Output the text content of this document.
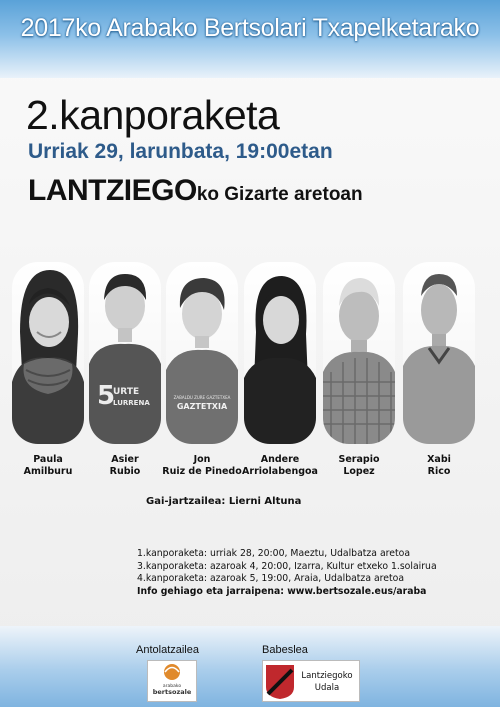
2017ko Arabako Bertsolari Txapelketarako
2.kanporaketa
Urriak 29, larunbata, 19:00etan
LANTZIEGOko Gizarte aretoan
5
URTE
LURRENA
ZABALDU ZURE GAZTETXEA
GAZTETXIA
Paula
Amilburu
Asier
Rubio
Jon
Ruiz de Pinedo
Andere
Arriolabengoa
Serapio
Lopez
Xabi
Rico
Gai-jartzailea: Lierni Altuna
1.kanporaketa: urriak 28, 20:00, Maeztu, Udalbatza aretoa
3.kanporaketa: azaroak 4, 20:00, Izarra, Kultur etxeko 1.solairua
4.kanporaketa: azaroak 5, 19:00, Araia, Udalbatza aretoa
Info gehiago eta jarraipena: www.bertsozale.eus/araba
Antolatzailea
arabako
bertsozale
Babeslea
Lantziegoko
Udala
